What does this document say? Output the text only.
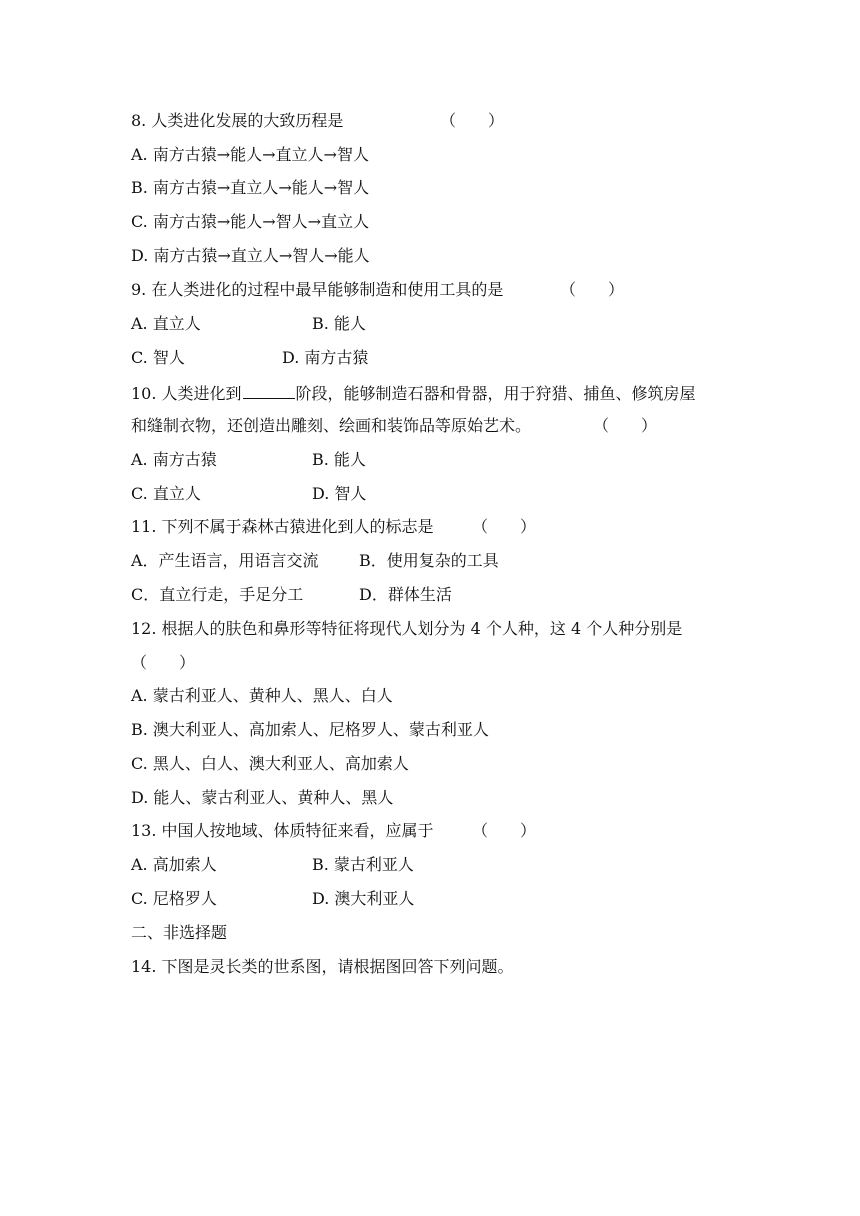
8. 人类进化发展的大致历程是	（　　）
A. 南方古猿→能人→直立人→智人
B. 南方古猿→直立人→能人→智人
C. 南方古猿→能人→智人→直立人
D. 南方古猿→直立人→智人→能人
9. 在人类进化的过程中最早能够制造和使用工具的是	（　　）
A. 直立人	B. 能人
C. 智人	D. 南方古猿
10. 人类进化到	阶段，能够制造石器和骨器，用于狩猎、捕鱼、修筑房屋
和缝制衣物，还创造出雕刻、绘画和装饰品等原始艺术。	（　　）
A. 南方古猿	B. 能人
C. 直立人	D. 智人
11. 下列不属于森林古猿进化到人的标志是 （　　）
A．产生语言，用语言交流	B．使用复杂的工具
C．直立行走，手足分工	D．群体生活
12. 根据人的肤色和鼻形等特征将现代人划分为 4 个人种，这 4 个人种分别是
（　　）
A. 蒙古利亚人、黄种人、黑人、白人
B. 澳大利亚人、高加索人、尼格罗人、蒙古利亚人
C. 黑人、白人、澳大利亚人、高加索人
D. 能人、蒙古利亚人、黄种人、黑人
13. 中国人按地域、体质特征来看，应属于 （　　）
A. 高加索人	B. 蒙古利亚人
C. 尼格罗人	D. 澳大利亚人
二、非选择题
14. 下图是灵长类的世系图，请根据图回答下列问题。
